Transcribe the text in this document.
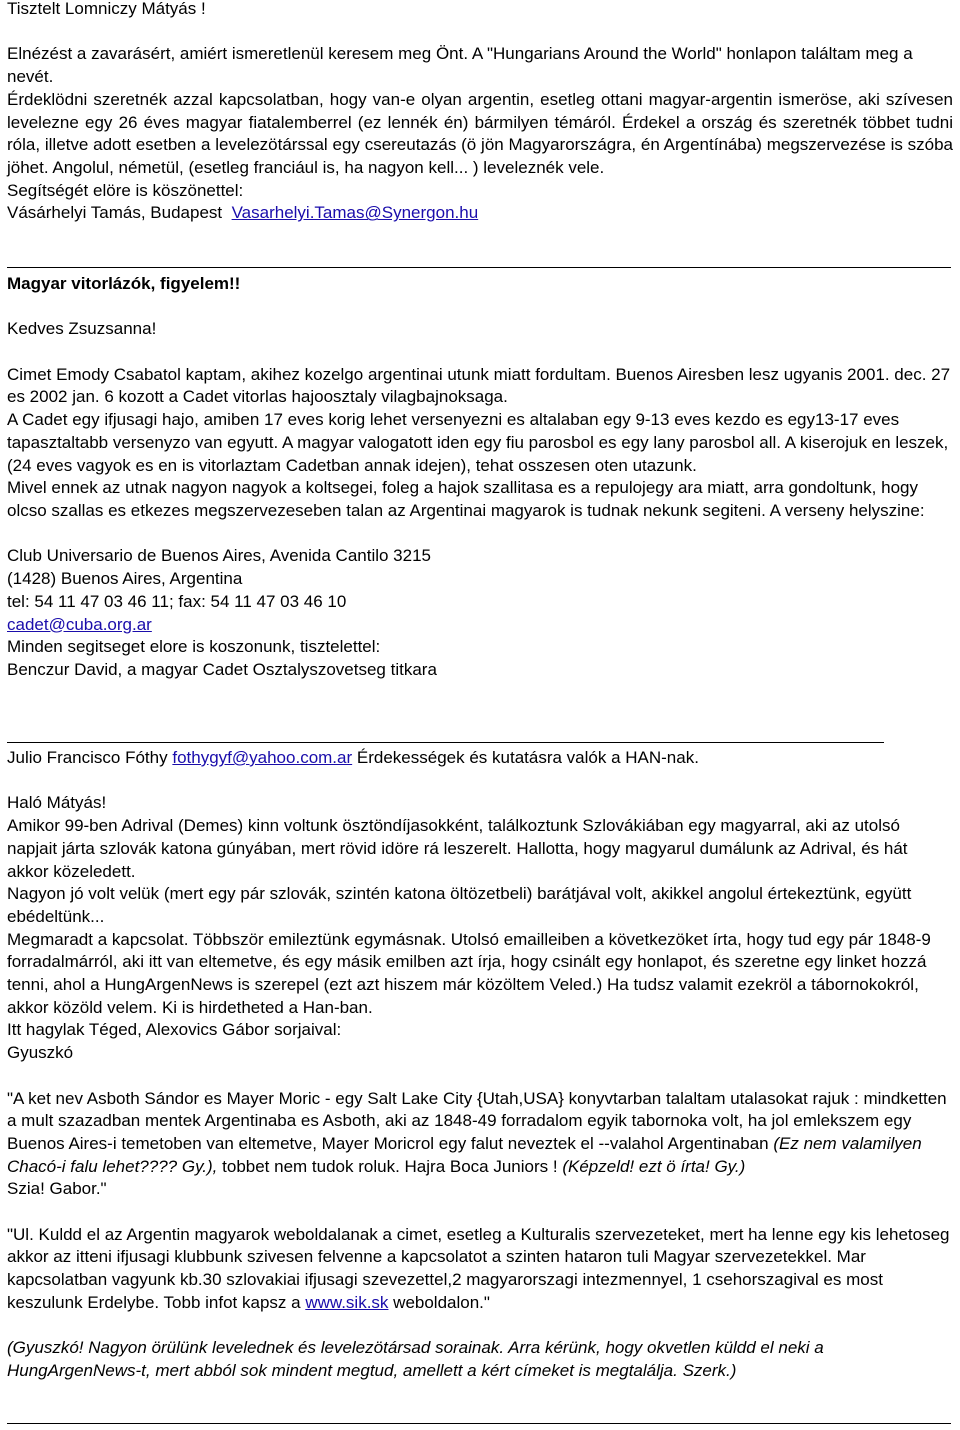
Tisztelt Lomniczy Mátyás !

Elnézést a zavarásért, amiért ismeretlenül keresem meg Önt. A "Hungarians Around the World" honlapon találtam meg a nevét.

Érdeklödni szeretnék azzal kapcsolatban, hogy van-e olyan argentin, esetleg ottani magyar-argentin ismeröse, aki szívesen levelezne egy 26 éves magyar fiatalemberrel (ez lennék én) bármilyen témáról. Érdekel a ország és szeretnék többet tudni róla, illetve adott esetben a levelezötárssal egy csereutazás (ö jön Magyarországra, én Argentínába) megszervezése is szóba jöhet. Angolul, németül, (esetleg franciául is, ha nagyon kell... ) leveleznék vele.

Segítségét elöre is köszönettel:

Vásárhelyi Tamás, Budapest Vasarhelyi.Tamas@Synergon.hu

Magyar vitorlázók, figyelem!!

Kedves Zsuzsanna!

Cimet Emody Csabatol kaptam, akihez kozelgo argentinai utunk miatt fordultam. Buenos Airesben lesz ugyanis 2001. dec. 27 es 2002 jan. 6 kozott a Cadet vitorlas hajoosztaly vilagbajnoksaga.

A Cadet egy ifjusagi hajo, amiben 17 eves korig lehet versenyezni es altalaban egy 9-13 eves kezdo es egy13-17 eves tapasztaltabb versenyzo van egyutt. A magyar valogatott iden egy fiu parosbol es egy lany parosbol all. A kiserojuk en leszek, (24 eves vagyok es en is vitorlaztam Cadetban annak idejen), tehat osszesen oten utazunk.

Mivel ennek az utnak nagyon nagyok a koltsegei, foleg a hajok szallitasa es a repulojegy ara miatt, arra gondoltunk, hogy olcso szallas es etkezes megszervezeseben talan az Argentinai magyarok is tudnak nekunk segiteni. A verseny helyszine:

Club Universario de Buenos Aires, Avenida Cantilo 3215

(1428) Buenos Aires, Argentina

tel: 54 11 47 03 46 11; fax: 54 11 47 03 46 10

cadet@cuba.org.ar

Minden segitseget elore is koszonunk, tisztelettel:

Benczur David, a magyar Cadet Osztalyszovetseg titkara

Julio Francisco Fóthy fothygyf@yahoo.com.ar Érdekességek és kutatásra valók a HAN-nak.

Haló Mátyás!

Amikor 99-ben Adrival (Demes) kinn voltunk ösztöndíjasokként, találkoztunk Szlovákiában egy magyarral, aki az utolsó napjait járta szlovák katona gúnyában, mert rövid idöre rá leszerelt. Hallotta, hogy magyarul dumálunk az Adrival, és hát akkor közeledett.

Nagyon jó volt velük (mert egy pár szlovák, szintén katona öltözetbeli) barátjával volt, akikkel angolul értekeztünk, együtt ebédeltünk...

Megmaradt a kapcsolat. Többször emileztünk egymásnak. Utolsó emailleiben a következöket írta, hogy tud egy pár 1848-9 forradalmárról, aki itt van eltemetve, és egy másik emilben azt írja, hogy csinált egy honlapot, és szeretne egy linket hozzá tenni, ahol a HungArgenNews is szerepel (ezt azt hiszem már közöltem Veled.) Ha tudsz valamit ezekröl a tábornokokról, akkor közöld velem. Ki is hirdetheted a Han-ban.

Itt hagylak Téged, Alexovics Gábor sorjaival:

Gyuszkó

"A ket nev Asboth Sándor es Mayer Moric - egy Salt Lake City {Utah,USA} konyvtarban talaltam utalasokat rajuk : mindketten a mult szazadban mentek Argentinaba es Asboth, aki az 1848-49 forradalom egyik tabornoka volt, ha jol emlekszem egy Buenos Aires-i temetoben van eltemetve, Mayer Moricrol egy falut neveztek el --valahol Argentinaban (Ez nem valamilyen Chacó-i falu lehet???? Gy.), tobbet nem tudok roluk. Hajra Boca Juniors ! (Képzeld! ezt ö írta! Gy.)

Szia! Gabor."

"Ul. Kuldd el az Argentin magyarok weboldalanak a cimet, esetleg a Kulturalis szervezeteket, mert ha lenne egy kis lehetoseg akkor az itteni ifjusagi klubbunk szivesen felvenne a kapcsolatot a szinten hataron tuli Magyar szervezetekkel. Mar kapcsolatban vagyunk kb.30 szlovakiai ifjusagi szevezettel,2 magyarorszagi intezmennyel, 1 csehorszagival es most keszulunk Erdelybe. Tobb infot kapsz a www.sik.sk weboldalon."

(Gyuszkó! Nagyon örülünk levelednek és levelezötársad sorainak. Arra kérünk, hogy okvetlen küldd el neki a HungArgenNews-t, mert abból sok mindent megtud, amellett a kért címeket is megtalálja. Szerk.)
